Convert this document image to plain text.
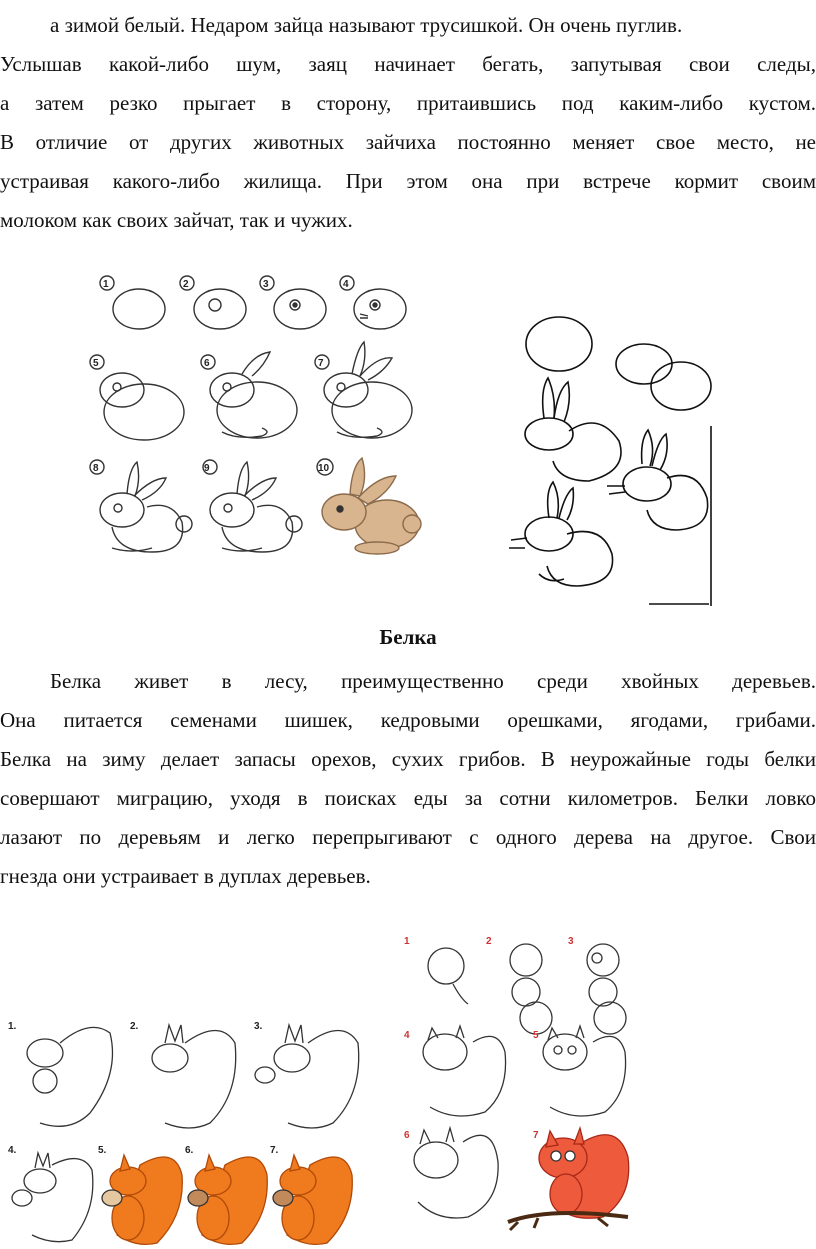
а зимой белый. Недаром зайца называют трусишкой. Он очень пуглив.
Услышав какой-либо шум, заяц начинает бегать, запутывая свои следы,
а затем резко прыгает в сторону, притаившись под каким-либо кустом.
В отличие от других животных зайчиха постоянно меняет свое место, не
устраивая какого-либо жилища. При этом она при встрече кормит своим
молоком как своих зайчат, так и чужих.
1	2	3	4
5	6	7
8	9	10
Белка
Белка живет в лесу, преимущественно среди хвойных деревьев.
Она питается семенами шишек, кедровыми орешками, ягодами, грибами.
Белка на зиму делает запасы орехов, сухих грибов. В неурожайные годы белки
совершают миграцию, уходя в поисках еды за сотни километров. Белки ловко
лазают по деревьям и легко перепрыгивают с одного дерева на другое. Свои
гнезда они устраивает в дуплах деревьев.
1.	2.	3.
4.	5.	6.	7.
1	2	3
4	5
6	7
